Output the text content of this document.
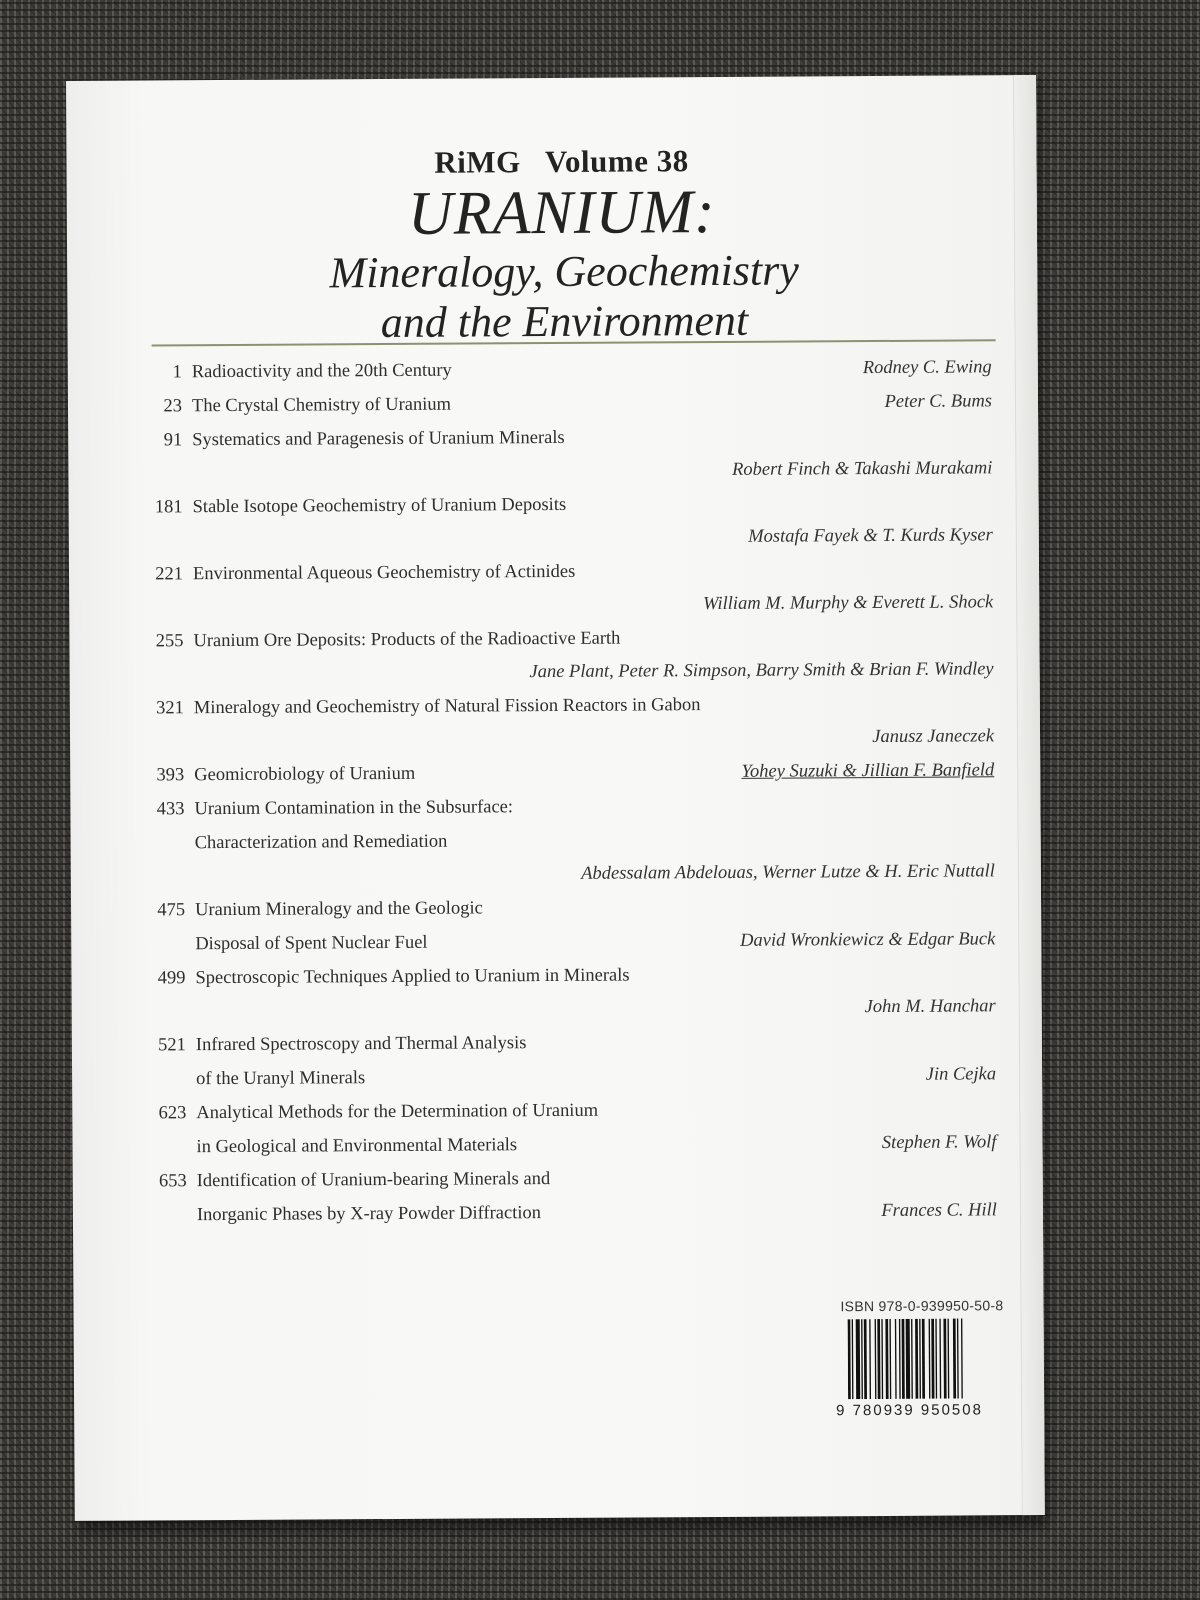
RiMG Volume 38
URANIUM:
Mineralogy, Geochemistry
and the Environment
1 Radioactivity and the 20th Century	Rodney C. Ewing
23 The Crystal Chemistry of Uranium	Peter C. Bums
91 Systematics and Paragenesis of Uranium Minerals
Robert Finch & Takashi Murakami
181 Stable Isotope Geochemistry of Uranium Deposits
Mostafa Fayek & T. Kurds Kyser
221 Environmental Aqueous Geochemistry of Actinides
William M. Murphy & Everett L. Shock
255 Uranium Ore Deposits: Products of the Radioactive Earth
Jane Plant, Peter R. Simpson, Barry Smith & Brian F. Windley
321 Mineralogy and Geochemistry of Natural Fission Reactors in Gabon
Janusz Janeczek
393 Geomicrobiology of Uranium	Yohey Suzuki & Jillian F. Banfield
433 Uranium Contamination in the Subsurface:
Characterization and Remediation
Abdessalam Abdelouas, Werner Lutze & H. Eric Nuttall
475 Uranium Mineralogy and the Geologic
Disposal of Spent Nuclear Fuel	David Wronkiewicz & Edgar Buck
499 Spectroscopic Techniques Applied to Uranium in Minerals
John M. Hanchar
521 Infrared Spectroscopy and Thermal Analysis
of the Uranyl Minerals	Jin Cejka
623 Analytical Methods for the Determination of Uranium
in Geological and Environmental Materials	Stephen F. Wolf
653 Identification of Uranium-bearing Minerals and
Inorganic Phases by X-ray Powder Diffraction	Frances C. Hill
ISBN 978-0-939950-50-8
9 780939 950508
